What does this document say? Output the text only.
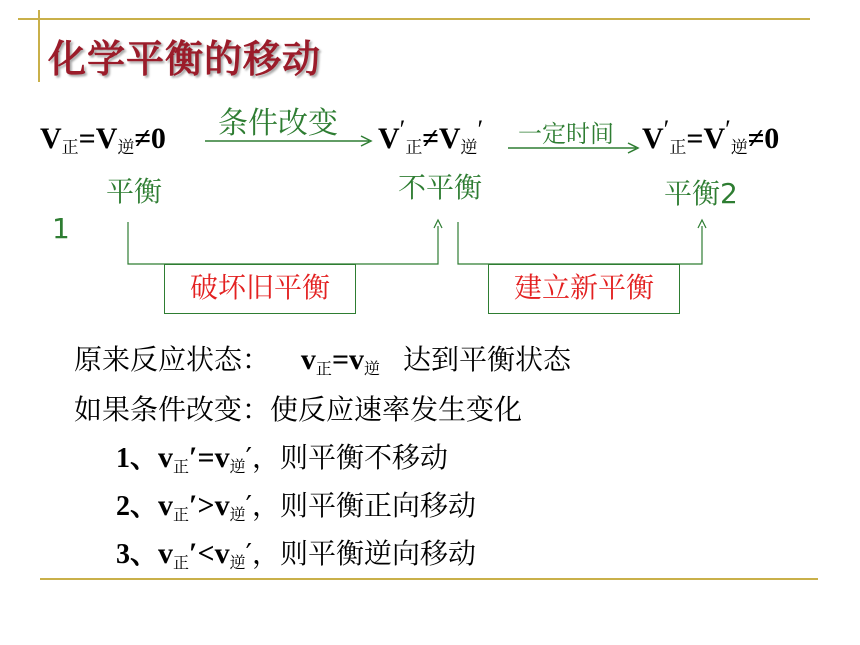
化学平衡的移动
$V_正=V_逆\ne 0$
平衡
1
条件改变 $V'_正\ne V_逆'$
不平衡
一定时间 $V'_正=V'_逆\ne 0$
平衡2
破坏旧平衡	建立新平衡
原来反应状态： $v_正=v_逆$ 达到平衡状态
如果条件改变：使反应速率发生变化
1、$v_正'=v_逆'$，则平衡不移动
2、$v_正'>v_逆'$，则平衡正向移动
3、$v_正'<v_逆'$，则平衡逆向移动
